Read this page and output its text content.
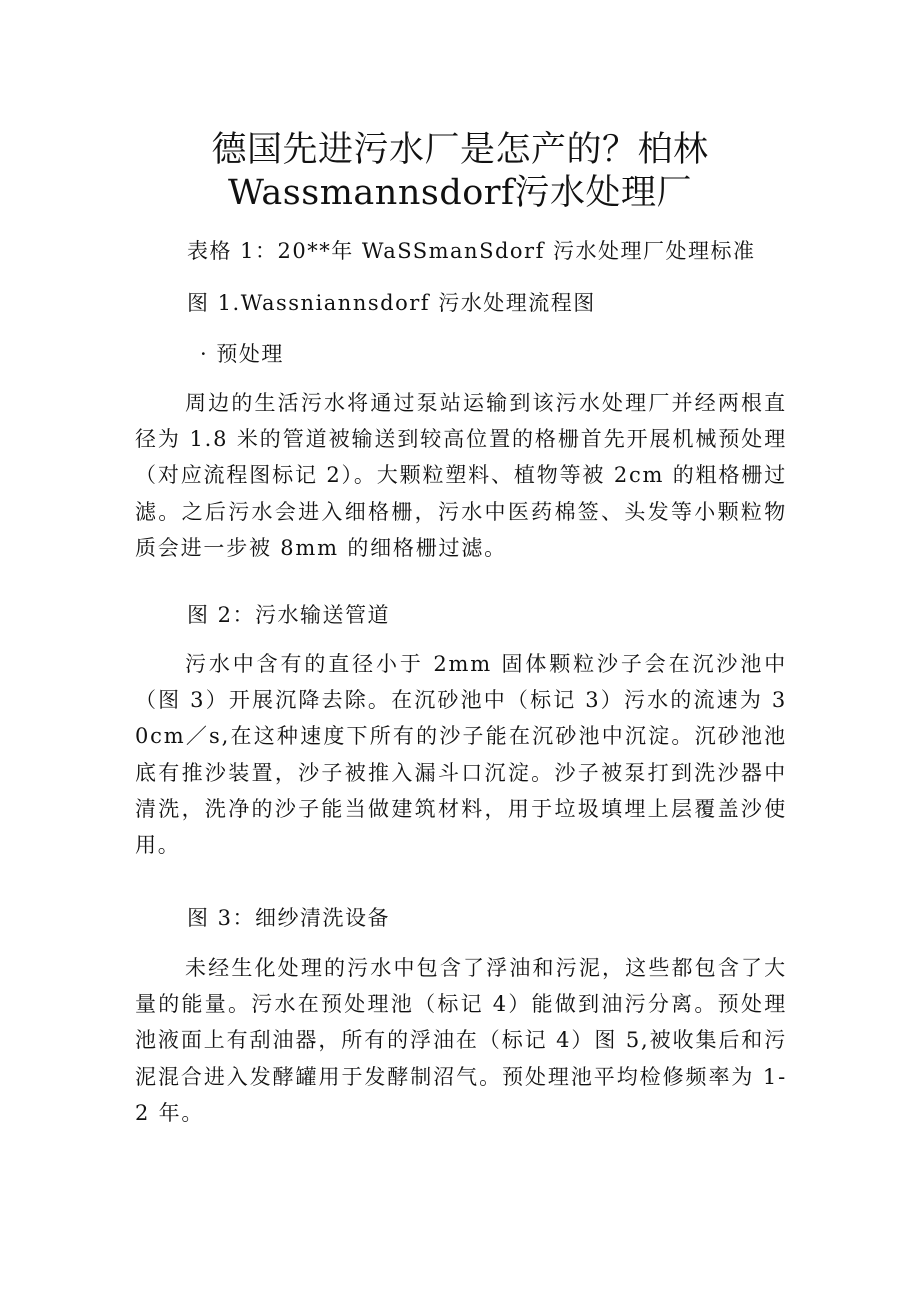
德国先进污水厂是怎产的？柏林
Wassmannsdorf污水处理厂
表格 1：20**年 WaSSmanSdorf 污水处理厂处理标准
图 1.Wassniannsdorf 污水处理流程图
· 预处理
周边的生活污水将通过泵站运输到该污水处理厂并经两根直径为 1.8 米的管道被输送到较高位置的格栅首先开展机械预处理（对应流程图标记 2）。大颗粒塑料、植物等被 2cm 的粗格栅过滤。之后污水会进入细格栅，污水中医药棉签、头发等小颗粒物质会进一步被 8mm 的细格栅过滤。
图 2：污水输送管道
污水中含有的直径小于 2mm 固体颗粒沙子会在沉沙池中（图 3）开展沉降去除。在沉砂池中（标记 3）污水的流速为 30cm／s,在这种速度下所有的沙子能在沉砂池中沉淀。沉砂池池底有推沙装置，沙子被推入漏斗口沉淀。沙子被泵打到洗沙器中清洗，洗净的沙子能当做建筑材料，用于垃圾填埋上层覆盖沙使用。
图 3：细纱清洗设备
未经生化处理的污水中包含了浮油和污泥，这些都包含了大量的能量。污水在预处理池（标记 4）能做到油污分离。预处理池液面上有刮油器，所有的浮油在（标记 4）图 5,被收集后和污泥混合进入发酵罐用于发酵制沼气。预处理池平均检修频率为 1-2 年。
